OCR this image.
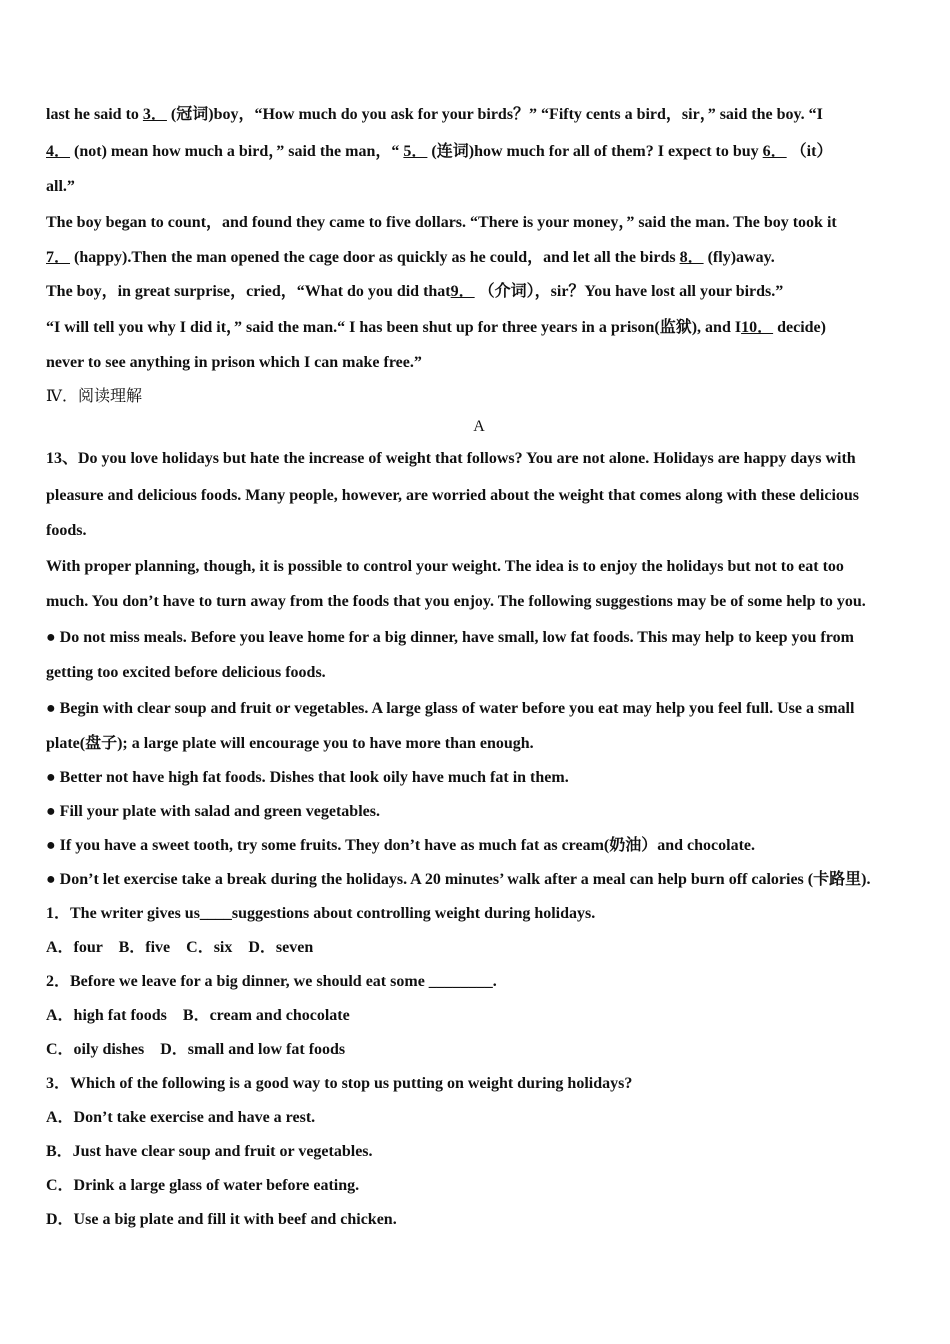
last he said to 3． (冠词)boy，“How much do you ask for your birds？” “Fifty cents a bird，sir，” said the boy. “I

4． (not) mean how much a bird，” said the man，“ 5． (连词)how much for all of them? I expect to buy 6． （it）

all.”

The boy began to count，and found they came to five dollars. “There is your money，” said the man. The boy took it

7． (happy).Then the man opened the cage door as quickly as he could，and let all the birds 8． (fly)away.

The boy，in great surprise，cried，“What do you did that9． （介词），sir？You have lost all your birds.”

“I will tell you why I did it，” said the man.“ I has been shut up for three years in a prison(监狱), and I10． decide)

never to see anything in prison which I can make free.”

Ⅳ．阅读理解

A

13、Do you love holidays but hate the increase of weight that follows? You are not alone. Holidays are happy days with

pleasure and delicious foods. Many people, however, are worried about the weight that comes along with these delicious

foods.

With proper planning, though, it is possible to control your weight. The idea is to enjoy the holidays but not to eat too

much. You don’t have to turn away from the foods that you enjoy. The following suggestions may be of some help to you.

● Do not miss meals. Before you leave home for a big dinner, have small, low fat foods. This may help to keep you from

getting too excited before delicious foods.

● Begin with clear soup and fruit or vegetables. A large glass of water before you eat may help you feel full. Use a small

plate(盘子); a large plate will encourage you to have more than enough.

● Better not have high fat foods. Dishes that look oily have much fat in them.

● Fill your plate with salad and green vegetables.

● If you have a sweet tooth, try some fruits. They don’t have as much fat as cream(奶油）and chocolate.

● Don’t let exercise take a break during the holidays. A 20 minutes’ walk after a meal can help burn off calories (卡路里).

1．The writer gives us____suggestions about controlling weight during holidays.

A．four　B．five　C．six　D．seven

2．Before we leave for a big dinner, we should eat some ________.

A．high fat foods　B．cream and chocolate

C．oily dishes　D．small and low fat foods

3．Which of the following is a good way to stop us putting on weight during holidays?

A．Don’t take exercise and have a rest.

B．Just have clear soup and fruit or vegetables.

C．Drink a large glass of water before eating.

D．Use a big plate and fill it with beef and chicken.
